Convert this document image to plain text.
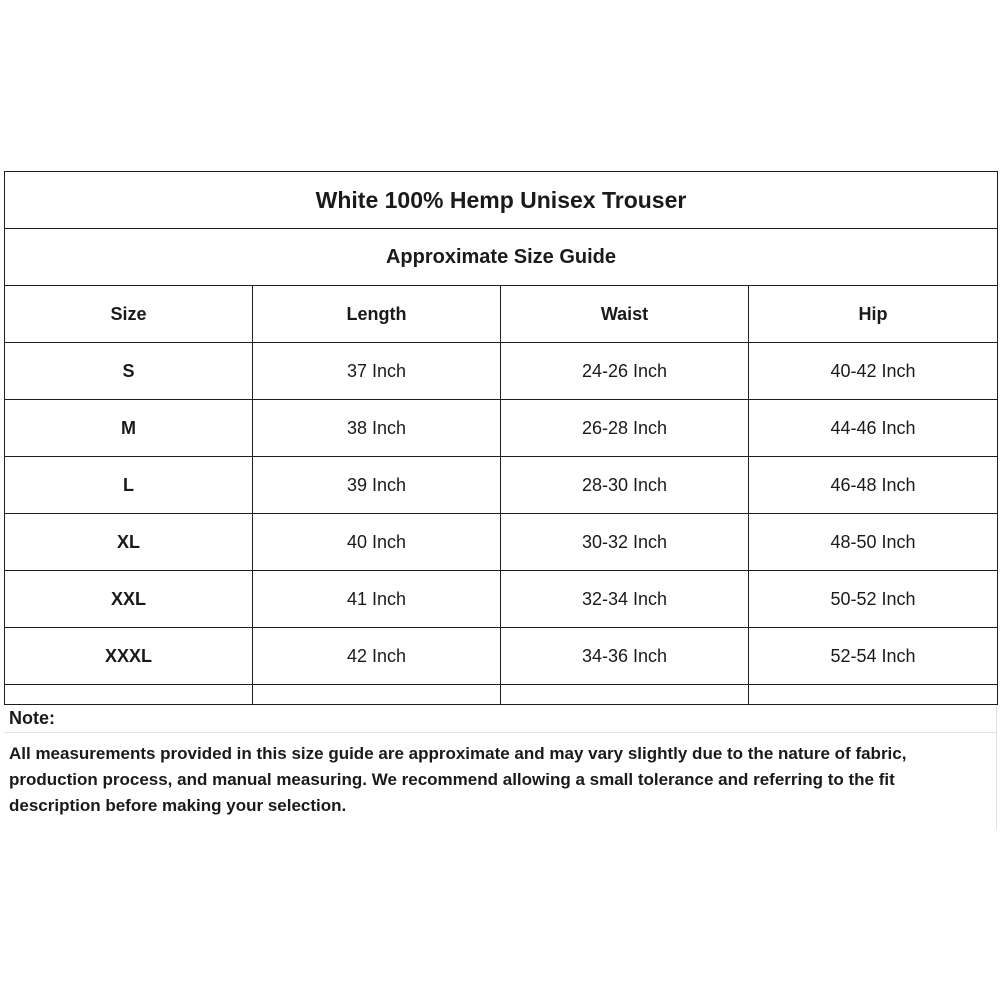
White 100% Hemp Unisex Trouser			
Approximate Size Guide			
Size	Length	Waist	Hip
S	37 Inch	24-26 Inch	40-42 Inch
M	38 Inch	26-28 Inch	44-46 Inch
L	39 Inch	28-30 Inch	46-48 Inch
XL	40 Inch	30-32 Inch	48-50 Inch
XXL	41 Inch	32-34 Inch	50-52 Inch
XXXL	42 Inch	34-36 Inch	52-54 Inch

Note:
All measurements provided in this size guide are approximate and may vary slightly due to the nature of fabric,
production process, and manual measuring. We recommend allowing a small tolerance and referring to the fit
description before making your selection.
